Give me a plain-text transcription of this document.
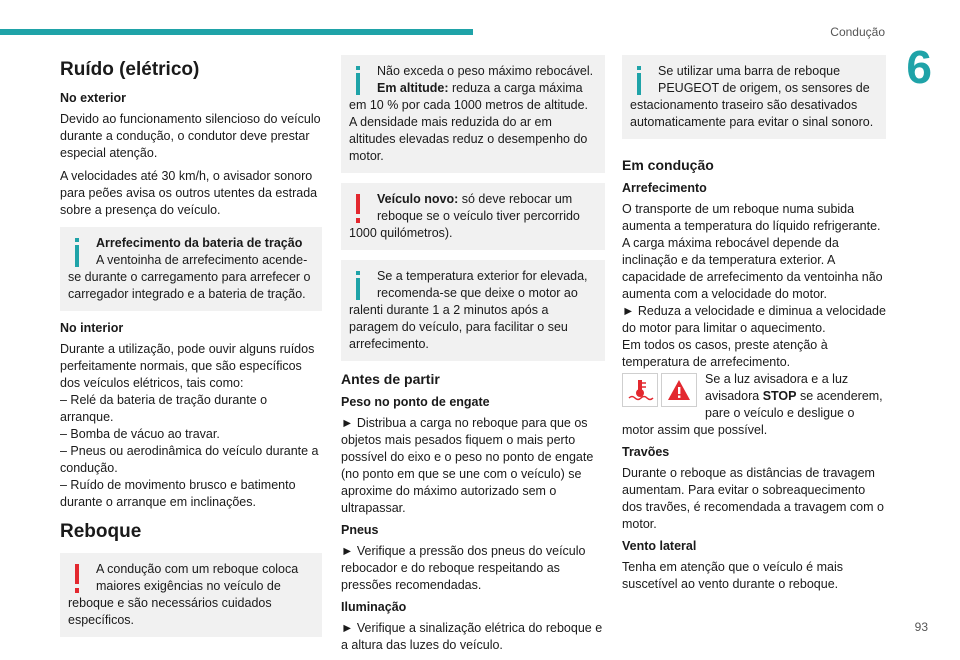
Condução
6
Ruído (elétrico)
No exterior

Devido ao funcionamento silencioso do veículo durante a condução, o condutor deve prestar especial atenção.

A velocidades até 30 km/h, o avisador sonoro para peões avisa os outros utentes da estrada sobre a presença do veículo.

Arrefecimento da bateria de tração
A ventoinha de arrefecimento acende-se durante o carregamento para arrefecer o carregador integrado e a bateria de tração.
No interior

Durante a utilização, pode ouvir alguns ruídos perfeitamente normais, que são específicos dos veículos elétricos, tais como:

– Relé da bateria de tração durante o arranque.

– Bomba de vácuo ao travar.

– Pneus ou aerodinâmica do veículo durante a condução.

– Ruído de movimento brusco e batimento durante o arranque em inclinações.

Reboque
A condução com um reboque coloca maiores exigências no veículo de reboque e são necessários cuidados específicos.
Não exceda o peso máximo rebocável.
Em altitude: reduza a carga máxima em 10 % por cada 1000 metros de altitude. A densidade mais reduzida do ar em altitudes elevadas reduz o desempenho do motor.
Veículo novo: só deve rebocar um reboque se o veículo tiver percorrido 1000 quilómetros).
Se a temperatura exterior for elevada, recomenda-se que deixe o motor ao ralenti durante 1 a 2 minutos após a paragem do veículo, para facilitar o seu arrefecimento.
Antes de partir
Peso no ponto de engate

► Distribua a carga no reboque para que os objetos mais pesados fiquem o mais perto possível do eixo e o peso no ponto de engate (no ponto em que se une com o veículo) se aproxime do máximo autorizado sem o ultrapassar.

Pneus

► Verifique a pressão dos pneus do veículo rebocador e do reboque respeitando as pressões recomendadas.

Iluminação

► Verifique a sinalização elétrica do reboque e a altura das luzes do veículo.

Se utilizar uma barra de reboque PEUGEOT de origem, os sensores de estacionamento traseiro são desativados automaticamente para evitar o sinal sonoro.
Em condução
Arrefecimento

O transporte de um reboque numa subida aumenta a temperatura do líquido refrigerante. A carga máxima rebocável depende da inclinação e da temperatura exterior. A capacidade de arrefecimento da ventoinha não aumenta com a velocidade do motor.

► Reduza a velocidade e diminua a velocidade do motor para limitar o aquecimento.

Em todos os casos, preste atenção à temperatura de arrefecimento.

Se a luz avisadora e a luz avisadora STOP se acenderem, pare o veículo e desligue o motor assim que possível.

Travões

Durante o reboque as distâncias de travagem aumentam. Para evitar o sobreaquecimento dos travões, é recomendada a travagem com o motor.

Vento lateral

Tenha em atenção que o veículo é mais suscetível ao vento durante o reboque.

93
